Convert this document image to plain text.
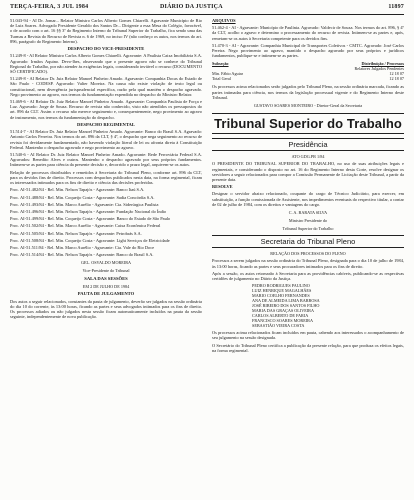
TERÇA-FEIRA, 3 JUL 1984	DIÁRIO DA JUSTIÇA	11897

51.043-94 - AI Dr. Jomar... Relator Ministro Carlos Alberto Gomes Chiarelli. Agravante Município de Rio de Luiz Soares. Advogado Presidente Geraldo dos Santos Dr... Dirigente a essa Mesa do Colégio, favorável, o de acordo com o art. 16 §§ 3º do Regimento Interno do Tribunal Superior do Trabalho, fica sendo uma das Turmas a Revista do Recurso de Revista n. 6 de 1969, no inciso IV (não conheço os autos, nos termos do art. 896, parágrafo do Regimento Interno).

DESPACHO DO VICE-PRESIDENTE

51.249-8 - AI Relator Ministro Carlos Alberto Gomes Chiarelli. Agravante: A Paulista Caixa Imobiliária S.A. Agravado: Irmãos Aquino. Devo-lhes, observando que o presente agravo não se conhece do Tribunal Regional do Trabalho, por não atender às exigências legais, considerando inviável o recurso (DOCUMENTO SÓ CERTIFICADO).

51.249-8 - AI Relator Dr. Juiz Relator Manoel Pinheiro Amado. Agravante: Companhia Docas do Estado de São Paulo - CODESP. Agravado: Valter Moreira. Na causa não existe violação de texto legal ou constitucional, nem divergência jurisprudencial específica, razão pela qual mantém o despacho agravado. Nego provimento ao agravo, nos termos da fundamentação expendida no despacho do Ministro Relator.

51.469-6 - AI Relator Dr. Juiz Relator Manoel Pinheiro Amado. Agravante: Companhia Paulista de Força e Luz. Agravado: Jorge de Souza. Recurso de revista não conhecido, visto não atendidos os pressupostos do art. 896 da CLT. Assim o recurso não merece seguimento e, consequentemente, nego provimento ao agravo de instrumento, nos termos da fundamentação do despacho.

DESPACHO REGIMENTAL

51.514-7 - AI Relator Dr. Juiz Relator Manoel Pinheiro Amado. Agravante: Banco do Brasil S.A. Agravado: Antonio Carlos Ferreira. Nos termos do art. 896 da CLT, § 4º, o despacho que nega seguimento ao recurso de revista foi devidamente fundamentado, não havendo violação literal de lei ou afronta direta à Constituição Federal. Mantenho o despacho agravado e nego provimento ao agravo.

51.540-6 - AI Relator Dr. Juiz Relator Manoel Pinheiro Amado. Agravante: Rede Ferroviária Federal S.A. Agravados: Benedito Alves e outros. Mantenho o despacho agravado por seus próprios fundamentos. Intimem-se as partes para ciência da presente decisão e, decorrido o prazo legal, arquivem-se os autos.

Relação de processos distribuídos e remetidos à Secretaria do Tribunal Pleno, conforme art. 896 da CLT, para os devidos fins de direito. Processos com despachos publicados nesta data, na forma regimental, ficam os interessados intimados para os fins de direito e ciência das decisões proferidas.

Proc. AI-51.482/84 - Rel. Min. Nelson Tapajós - Agravante: Banco Itaú S.A.

Proc. AI-51.488/84 - Rel. Min. Coqueijo Costa - Agravante: Sadia Concórdia S.A.

Proc. AI-51.493/84 - Rel. Min. Marco Aurélio - Agravante: Cia. Siderúrgica Paulista

Proc. AI-51.496/84 - Rel. Min. Nelson Tapajós - Agravante: Fundação Nacional do Índio

Proc. AI-51.499/84 - Rel. Min. Coqueijo Costa - Agravante: Banco do Estado de São Paulo

Proc. AI-51.502/84 - Rel. Min. Marco Aurélio - Agravante: Caixa Econômica Federal

Proc. AI-51.505/84 - Rel. Min. Nelson Tapajós - Agravante: Petrobrás S.A.

Proc. AI-51.508/84 - Rel. Min. Coqueijo Costa - Agravante: Light Serviços de Eletricidade

Proc. AI-51.511/84 - Rel. Min. Marco Aurélio - Agravante: Cia. Vale do Rio Doce

Proc. AI-51.514/84 - Rel. Min. Nelson Tapajós - Agravante: Banco do Brasil S.A.

GEL. OSVALDO MOREIRA

Vice-Presidente do Tribunal

SALA DAS SESSÕES

EM 2 DE JULHO DE 1984

PAUTA DE JULGAMENTO

Dos autos a seguir relacionados, constantes da pauta de julgamento, deverão ser julgados na sessão ordinária do dia 10 do corrente, às 13:00 horas, ficando as partes e seus advogados intimados para os fins de direito. Os processos adiados ou não julgados nesta sessão ficam automaticamente incluídos na pauta da sessão seguinte, independentemente de nova publicação.

ARQUIVOS

51.462-4 - AI - Agravante: Município de Paulínia. Agravado: Valdecir de Souza. Nos termos do art. 896, § 4º da CLT, acolho o agravo e determino o processamento do recurso de revista. Intimem-se as partes e, após, remetam-se os autos à Secretaria competente para os devidos fins.

51.470-3 - AI - Agravante: Companhia Municipal de Transportes Coletivos - CMTC. Agravado: José Carlos Pereira. Nego provimento ao agravo, mantido o despacho agravado por seus próprios e jurídicos fundamentos, publique-se e intimem-se as partes.

Subseção	Distribuição / Processos
Relatores Julgados Pendentes
Min. Fábio Aguiar	12 18 07
Total Geral	12 18 07

Os processos acima relacionados serão julgados pelo Tribunal Pleno, na sessão ordinária marcada, ficando as partes intimadas para ciência, nos termos da legislação processual vigente e do Regimento Interno deste Tribunal.

GUSTAVO SOARES MONTEIRO - Diretor-Geral da Secretaria

Tribunal Superior do Trabalho
Presidência

ATO GDG.PR 1/84

O PRESIDENTE DO TRIBUNAL SUPERIOR DO TRABALHO, no uso de suas atribuições legais e regimentais, e considerando o disposto no art. 16 do Regimento Interno desta Corte, resolve designar os servidores a seguir relacionados para compor a Comissão Permanente de Licitação deste Tribunal, a partir da presente data.

RESOLVE

Designar o servidor abaixo relacionado, ocupante do cargo de Técnico Judiciário, para exercer, em substituição, a função comissionada de Assistente, nos impedimentos eventuais do respectivo titular, a contar de 02 de julho de 1984, com os direitos e vantagens do cargo.

C. A. BARATA SILVA

Ministro Presidente do

Tribunal Superior do Trabalho

Secretaria do Tribunal Pleno

RELAÇÃO DOS PROCESSOS DO PLENO

Processos a serem julgados na sessão ordinária do Tribunal Pleno, designada para o dia 10 de julho de 1984, às 13:00 horas, ficando as partes e seus procuradores intimados para os fins de direito.

Após a sessão, os autos retornarão à Secretaria para as providências cabíveis, publicando-se as respectivas certidões de julgamento no Diário da Justiça.

PEDRO RODRIGUES PAULINO
LUIZ HENRIQUE MAGALHÃES
MARIO COELHO FERNANDES
ANA DE ALMEIDA LIMA BARBOSA
JOSÉ RIBEIRO DOS SANTOS FILHO
MARIA DAS GRAÇAS OLIVEIRA
CARLOS ALBERTO DE FARIA
FRANCISCO SOARES MOREIRA
SEBASTIÃO VIEIRA COSTA

Os processos acima relacionados ficam incluídos em pauta, cabendo aos interessados o acompanhamento de seu julgamento na sessão designada.

O Secretário do Tribunal Pleno certifica a publicação da presente relação, para que produza os efeitos legais, na forma regimental.
